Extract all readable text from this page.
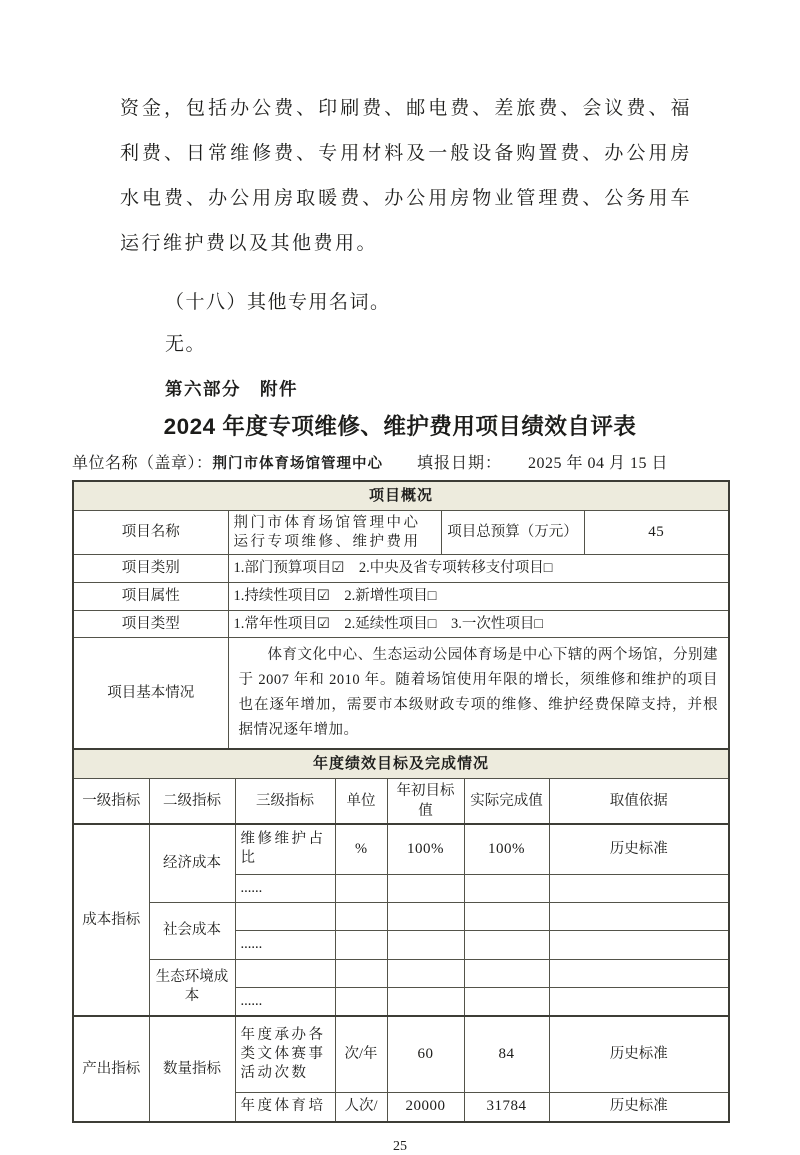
资金，包括办公费、印刷费、邮电费、差旅费、会议费、福利费、日常维修费、专用材料及一般设备购置费、办公用房水电费、办公用房取暖费、办公用房物业管理费、公务用车运行维护费以及其他费用。

（十八）其他专用名词。

无。

第六部分　附件
2024 年度专项维修、维护费用项目绩效自评表
单位名称（盖章）： 荆门市体育场馆管理中心 填报日期： 2025 年 04 月 15 日
项目概况			
项目名称	荆门市体育场馆管理中心运行专项维修、维护费用	项目总预算（万元）	45
项目类别	1.部门预算项目☑　2.中央及省专项转移支付项目□		
项目属性	1.持续性项目☑　2.新增性项目□		
项目类型	1.常年性项目☑　2.延续性项目□　3.一次性项目□		
项目基本情况	体育文化中心、生态运动公园体育场是中心下辖的两个场馆，分别建于 2007 年和 2010 年。随着场馆使用年限的增长，须维修和维护的项目也在逐年增加，需要市本级财政专项的维修、维护经费保障支持，并根据情况逐年增加。		
年度绩效目标及完成情况						
一级指标	二级指标	三级指标	单位	年初目标值	实际完成值	取值依据
成本指标	经济成本	维修维护占比	%	100%	100%	历史标准
		......				
	社会成本					
		......				
	生态环境成本					
		......				
产出指标	数量指标	年度承办各类文体赛事活动次数	次/年	60	84	历史标准
		年度体育培	人次/	20000	31784	历史标准
25
